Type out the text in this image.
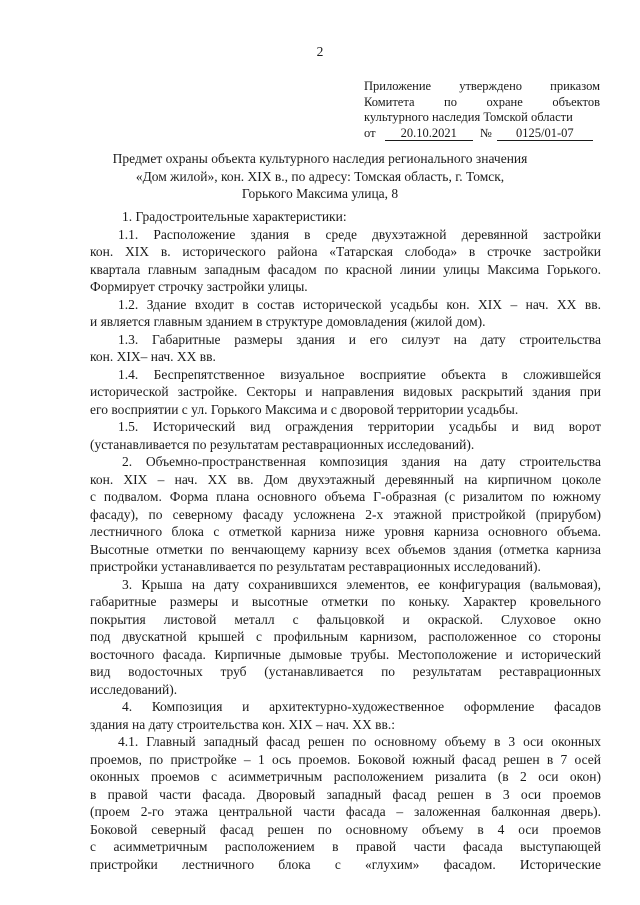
2
Приложение утверждено приказом
Комитета по охране объектов
культурного наследия Томской области
от 20.10.2021 № 0125/01-07
Предмет охраны объекта культурного наследия регионального значения
«Дом жилой», кон. XIX в., по адресу: Томская область, г. Томск,
Горького Максима улица, 8
1. Градостроительные характеристики:
1.1. Расположение здания в среде двухэтажной деревянной застройки
кон. XIX в. исторического района «Татарская слобода» в строчке застройки
квартала главным западным фасадом по красной линии улицы Максима Горького.
Формирует строчку застройки улицы.
1.2. Здание входит в состав исторической усадьбы кон. XIX – нач. XX вв.
и является главным зданием в структуре домовладения (жилой дом).
1.3. Габаритные размеры здания и его силуэт на дату строительства
кон. XIX– нач. XX вв.
1.4. Беспрепятственное визуальное восприятие объекта в сложившейся
исторической застройке. Секторы и направления видовых раскрытий здания при
его восприятии с ул. Горького Максима и с дворовой территории усадьбы.
1.5. Исторический вид ограждения территории усадьбы и вид ворот
(устанавливается по результатам реставрационных исследований).
2. Объемно-пространственная композиция здания на дату строительства
кон. XIX – нач. XX вв. Дом двухэтажный деревянный на кирпичном цоколе
с подвалом. Форма плана основного объема Г-образная (с ризалитом по южному
фасаду), по северному фасаду усложнена 2-х этажной пристройкой (прирубом)
лестничного блока с отметкой карниза ниже уровня карниза основного объема.
Высотные отметки по венчающему карнизу всех объемов здания (отметка карниза
пристройки устанавливается по результатам реставрационных исследований).
3. Крыша на дату сохранившихся элементов, ее конфигурация (вальмовая),
габаритные размеры и высотные отметки по коньку. Характер кровельного
покрытия листовой металл с фальцовкой и окраской. Слуховое окно
под двускатной крышей с профильным карнизом, расположенное со стороны
восточного фасада. Кирпичные дымовые трубы. Местоположение и исторический
вид водосточных труб (устанавливается по результатам реставрационных
исследований).
4. Композиция и архитектурно-художественное оформление фасадов
здания на дату строительства кон. XIX – нач. XX вв.:
4.1. Главный западный фасад решен по основному объему в 3 оси оконных
проемов, по пристройке – 1 ось проемов. Боковой южный фасад решен в 7 осей
оконных проемов с асимметричным расположением ризалита (в 2 оси окон)
в правой части фасада. Дворовый западный фасад решен в 3 оси проемов
(проем 2-го этажа центральной части фасада – заложенная балконная дверь).
Боковой северный фасад решен по основному объему в 4 оси проемов
с асимметричным расположением в правой части фасада выступающей
пристройки лестничного блока с «глухим» фасадом. Исторические
